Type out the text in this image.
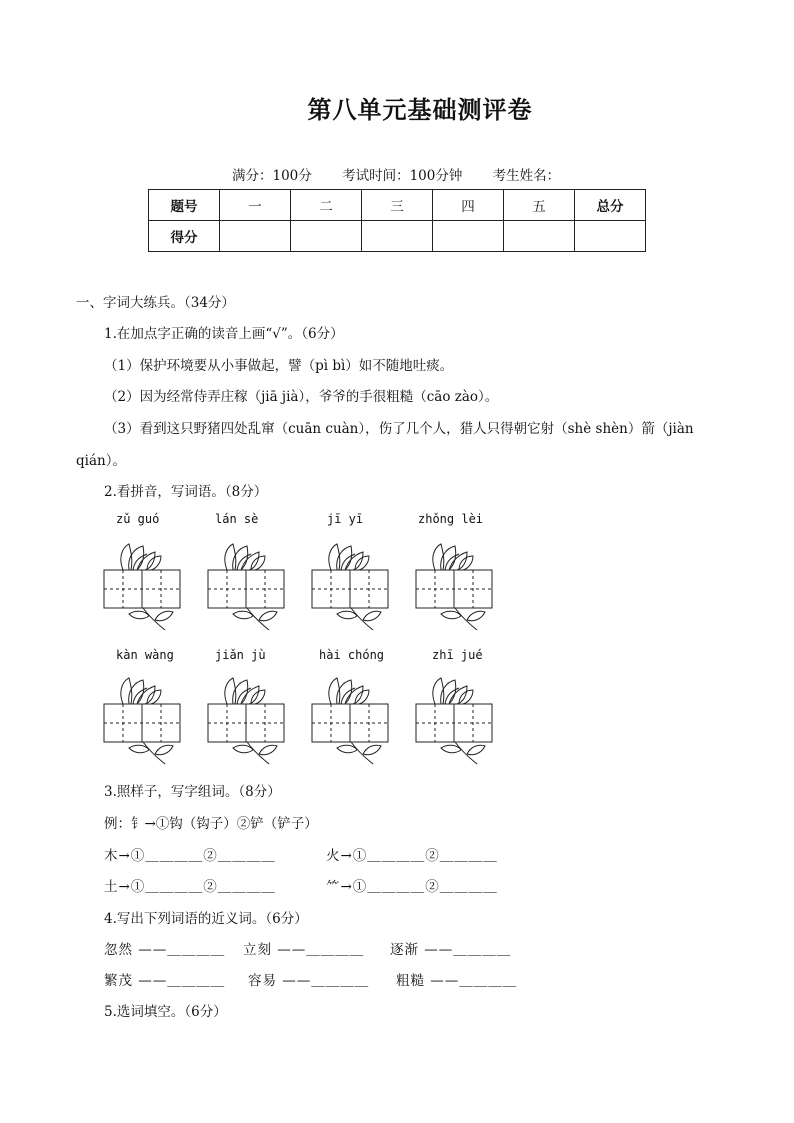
第八单元基础测评卷
满分：100分 考试时间：100分钟 考生姓名：
题号	一	二	三	四	五	总分
得分						
一、字词大练兵。（34分）
1.在加点字正确的读音上画“√”。（6分）
（1）保护环境要从小事做起，譬（pì bì）如不随地吐痰。
（2）因为经常侍弄庄稼（jiā jià），爷爷的手很粗糙（cāo zào）。
（3）看到这只野猪四处乱窜（cuān cuàn），伤了几个人，猎人只得朝它射（shè shèn）箭（jiàn
qián）。
2.看拼音，写词语。（8分）
zǔ guó	lán sè	jī yī	zhǒng lèi
kàn wàng	jiǎn jù	hài chóng	zhī jué
3.照样子，写字组词。（8分）
例：钅→①钩（钩子）②铲（铲子）
木→①＿＿＿＿②＿＿＿＿	火→①＿＿＿＿②＿＿＿＿
土→①＿＿＿＿②＿＿＿＿	⺮→①＿＿＿＿②＿＿＿＿
4.写出下列词语的近义词。（6分）
忽然 ——＿＿＿＿ 立刻 ——＿＿＿＿ 逐渐 ——＿＿＿＿
繁茂 ——＿＿＿＿ 容易 ——＿＿＿＿ 粗糙 ——＿＿＿＿
5.选词填空。（6分）
